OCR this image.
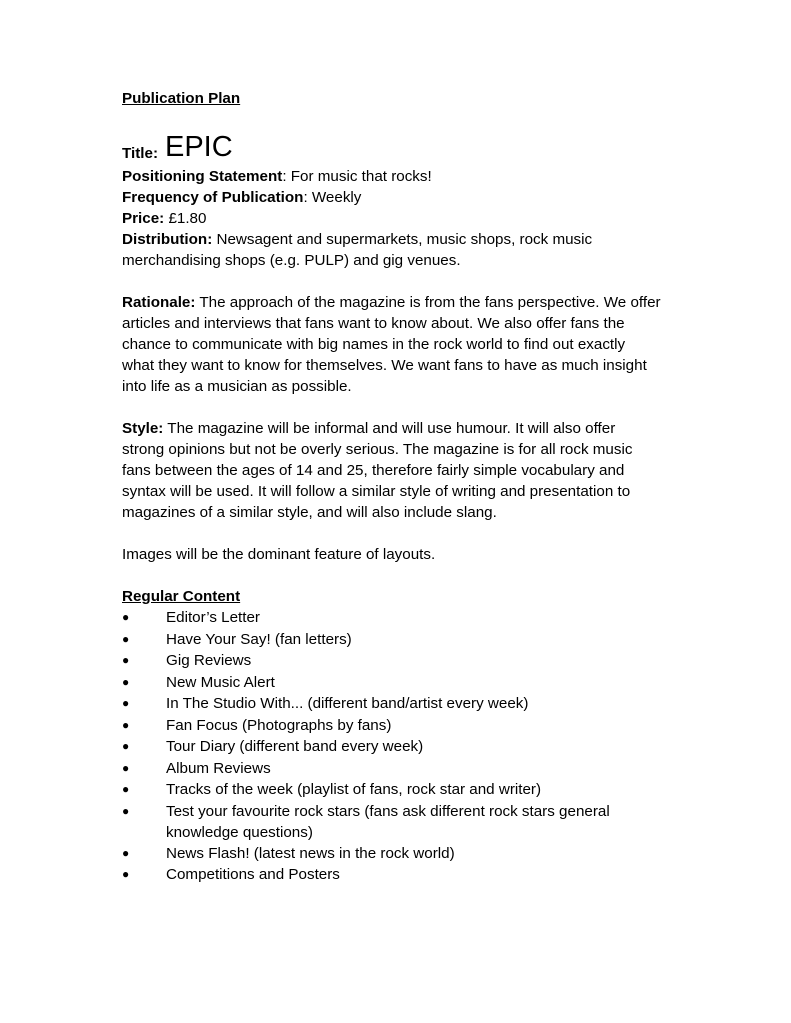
Publication Plan
Title: EPIC
Positioning Statement: For music that rocks!
Frequency of Publication: Weekly
Price: £1.80
Distribution: Newsagent and supermarkets, music shops, rock music
merchandising shops (e.g. PULP) and gig venues.
Rationale: The approach of the magazine is from the fans perspective. We offer
articles and interviews that fans want to know about. We also offer fans the
chance to communicate with big names in the rock world to find out exactly
what they want to know for themselves. We want fans to have as much insight
into life as a musician as possible.
Style: The magazine will be informal and will use humour. It will also offer
strong opinions but not be overly serious. The magazine is for all rock music
fans between the ages of 14 and 25, therefore fairly simple vocabulary and
syntax will be used. It will follow a similar style of writing and presentation to
magazines of a similar style, and will also include slang.
Images will be the dominant feature of layouts.
Regular Content
●	Editor’s Letter
●	Have Your Say! (fan letters)
●	Gig Reviews
●	New Music Alert
●	In The Studio With... (different band/artist every week)
●	Fan Focus (Photographs by fans)
●	Tour Diary (different band every week)
●	Album Reviews
●	Tracks of the week (playlist of fans, rock star and writer)
●	Test your favourite rock stars (fans ask different rock stars general
knowledge questions)
●	News Flash! (latest news in the rock world)
●	Competitions and Posters
